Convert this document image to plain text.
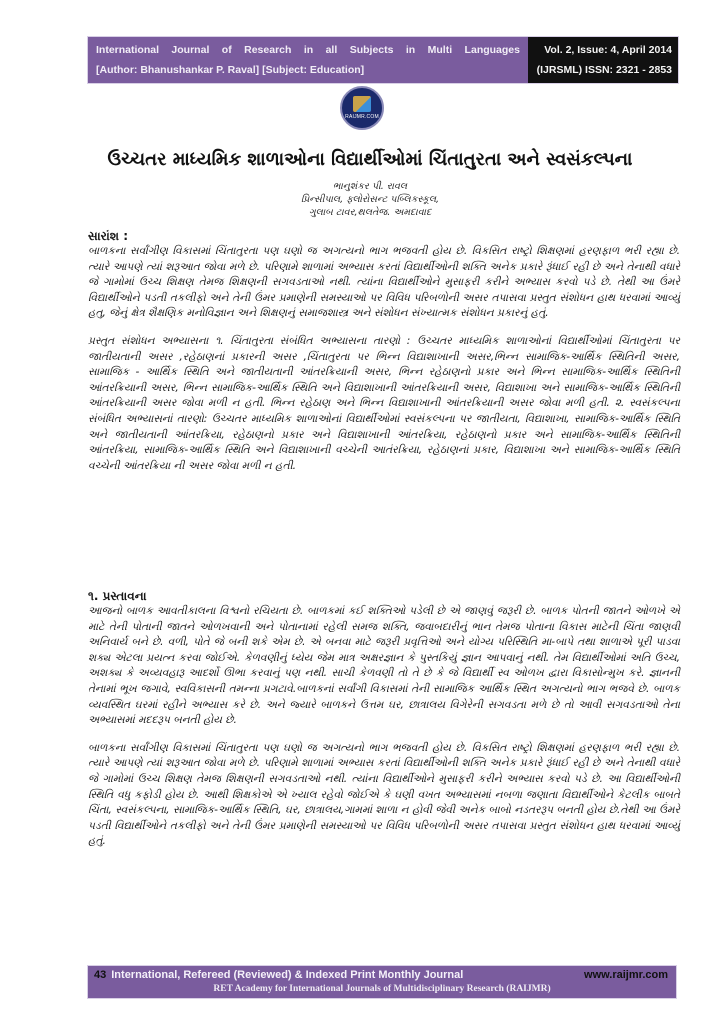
International Journal of Research in all Subjects in Multi Languages
[Author: Bhanushankar P. Raval] [Subject: Education]
Vol. 2, Issue: 4, April 2014
(IJRSML) ISSN: 2321 - 2853
RAIJMR.COM
ઉચ્ચતર માધ્યમિક શાળાઓના વિદ્યાર્થીઓમાં ચિંતાતુરતા અને સ્વસંકલ્પના
ભાનુશંકર પી. રાવલ
પ્રિન્સીપાલ, ફ્લોરોસન્ટ પબ્લિકસ્કૂલ,
ગુલાબ ટાવર,થલતેજ. અમદાવાદ
સારાંશ :

બાળકના સર્વાંગીણ વિકાસમાં ચિંતાતુરતા પણ ઘણો જ અગત્યનો ભાગ ભજવતી હોય છે. વિકસિત રાષ્ટ્રો શિક્ષણમાં હરણફાળ ભરી રહ્યા છે. ત્યારે આપણે ત્યાં શરૂઆત જોવા મળે છે. પરિણામે શાળામાં અભ્યાસ કરતાં વિદ્યાર્થીઓની શક્તિ અનેક પ્રકારે રૂંધાઈ રહી છે અને તેનાથી વધારે જે ગામોમાં ઉચ્ચ શિક્ષણ તેમજ શિક્ષણની સગવડતાઓ નથી. ત્યાંના વિદ્યાર્થીઓને મુસાફરી કરીને અભ્યાસ કરવો પડે છે. તેથી આ ઉંમરે વિદ્યાર્થીઓને પડતી તકલીફો અને તેની ઉંમર પ્રમાણેની સમસ્યાઓ પર વિવિધ પરિબળોની અસર તપાસવા પ્રસ્તુત સંશોધન હાથ ધરવામાં આવ્યું હતુ, જેનું ક્ષેત્ર શૈક્ષણિક મનોવિજ્ઞાન અને શિક્ષણનું સમાજશાસ્ત્ર અને સંશોધન સંખ્યાત્મક સંશોધન પ્રકારનું હતું.

પ્રસ્તુત સંશોધન અભ્યાસના ૧. ચિંતાતુરતા સંબંધિત અભ્યાસના તારણો : ઉચ્ચતર માધ્યમિક શાળાઓનાં વિદ્યાર્થીઓમાં ચિંતાતુરતા પર જાતીયતાની અસર ,રહેઠાણનાં પ્રકારની અસર ,ચિંતાતુરતા પર ભિન્ન વિદ્યાશાખાની અસર,ભિન્ન સામાજિક-આર્થિક સ્થિતિની અસર, સામાજિક - આર્થિક સ્થિતિ અને જાતીયતાની આંતરક્રિયાની અસર, ભિન્ન રહેઠાણનો પ્રકાર અને ભિન્ન સામાજિક-આર્થિક સ્થિતિની આંતરક્રિયાની અસર, ભિન્ન સામાજિક-આર્થિક સ્થિતિ અને વિદ્યાશાખાની આંતરક્રિયાની અસર, વિદ્યાશાખા અને સામાજિક-આર્થિક સ્થિતિની આંતરક્રિયાની અસર જોવા મળી ન હતી. ભિન્ન રહેઠાણ અને ભિન્ન વિદ્યાશાખાની આંતરક્રિયાની અસર જોવા મળી હતી. ૨. સ્વસંકલ્પના સંબંધિત અભ્યાસનાં તારણો: ઉચ્ચતર માધ્યમિક શાળાઓનાં વિદ્યાર્થીઓમાં સ્વસંકલ્પના પર જાતીયતા, વિદ્યાશાખા, સામાજિક-આર્થિક સ્થિતિ અને જાતીયતાની આંતરક્રિયા, રહેઠાણનો પ્રકાર અને વિદ્યાશાખાની આંતરક્રિયા, રહેઠાણનો પ્રકાર અને સામાજિક-આર્થિક સ્થિતિની આંતરક્રિયા, સામાજિક-આર્થિક સ્થિતિ અને વિદ્યાશાખાની વચ્ચેની આતંરક્રિયા, રહેઠાણનાં પ્રકાર, વિદ્યાશાખા અને સામાજિક-આર્થિક સ્થિતિ વચ્ચેની આંતરક્રિયા ની અસર જોવા મળી ન હતી.

૧. પ્રસ્તાવના

આજનો બાળક આવતીકાલના વિશ્વનો રચિયતા છે. બાળકમાં કઈ શક્તિઓ પડેલી છે એ જાણવું જરૂરી છે. બાળક પોતની જાતને ઓળખે એ માટે તેની પોતાની જાતને ઓળખવાની અને પોતાનામાં રહેલી સમજ શક્તિ, જવાબદારીનું ભાન તેમજ પોતાના વિકાસ માટેની ચિંતા જાણવી અનિવાર્ય બને છે. વળી, પોતે જે બની શકે એમ છે. એ બનવા માટે જરૂરી પ્રવૃત્તિઓ અને યોગ્ય પરિસ્થિતિ મા-બાપે તથા શાળાએ પૂરી પાડવા શક્ય એટલા પ્રયત્ન કરવા જોઈએ. કેળવણીનું ધ્યેય જેમ માત્ર અક્ષરજ્ઞાન કે પુસ્તકિયું જ્ઞાન આપવાનું નથી. તેમ વિદ્યાર્થીઓમાં અતિ ઉચ્ચ, અશક્ય કે અવ્યવહારૂ આદર્શો ઊભા કરવાનું પણ નથી. સાચી કેળવણી તો તે છે કે જે વિદ્યાર્થી સ્વ ઓળખ દ્વારા વિકાસોન્મુખ કરે. જ્ઞાનની તેનામાં ભૂખ જગાવે, સ્વવિકાસની તમન્ના પ્રગટાવે.બાળકનાં સર્વાંગી વિકાસમાં તેની સામાજિક આર્થિક સ્થિત અગત્યનો ભાગ ભજવે છે. બાળક વ્યવસ્થિત ઘરમાં રહીને અભ્યાસ કરે છે. અને જ્યારે બાળકને ઉત્તમ ઘર, છાત્રાલય વિગેરેની સગવડતા મળે છે તો આવી સગવડતાઓ તેના અભ્યાસમાં મદદરૂપ બનતી હોય છે.

બાળકના સર્વાંગીણ વિકાસમાં ચિંતાતુરતા પણ ઘણો જ અગત્યનો ભાગ ભજવતી હોય છે. વિકસિત રાષ્ટ્રો શિક્ષણમાં હરણફાળ ભરી રહ્યા છે. ત્યારે આપણે ત્યાં શરૂઆત જોવા મળે છે. પરિણામે શાળામાં અભ્યાસ કરતાં વિદ્યાર્થીઓની શક્તિ અનેક પ્રકારે રૂંધાઈ રહી છે અને તેનાથી વધારે જે ગામોમાં ઉચ્ચ શિક્ષણ તેમજ શિક્ષણની સગવડતાઓ નથી. ત્યાંના વિદ્યાર્થીઓને મુસાફરી કરીને અભ્યાસ કરવો પડે છે. આ વિદ્યાર્થીઓની સ્થિતિ વધુ કફોડી હોય છે. આથી શિક્ષકોએ એ ખ્યાલ રહેવો જોઈએ કે ઘણી વખત અભ્યાસમાં નબળા જણાતા વિદ્યાર્થીઓને કેટલીક બાબતે ચિંતા, સ્વસંકલ્પના, સામાજિક-આર્થિક સ્થિતિ, ઘર, છાત્રાલય,ગામમાં શાળા ન હોવી જેવી અનેક બાબો નડતરરૂપ બનતી હોય છે.તેથી આ ઉંમરે પડતી વિદ્યાર્થીઓને તકલીફો અને તેની ઉંમર પ્રમાણેની સમસ્યાઓ પર વિવિધ પરિબળોની અસર તપાસવા પ્રસ્તુત સંશોધન હાથ ધરવામાં આવ્યું હતું.

43 International, Refereed (Reviewed) & Indexed Print Monthly Journal	www.raijmr.com
RET Academy for International Journals of Multidisciplinary Research (RAIJMR)
